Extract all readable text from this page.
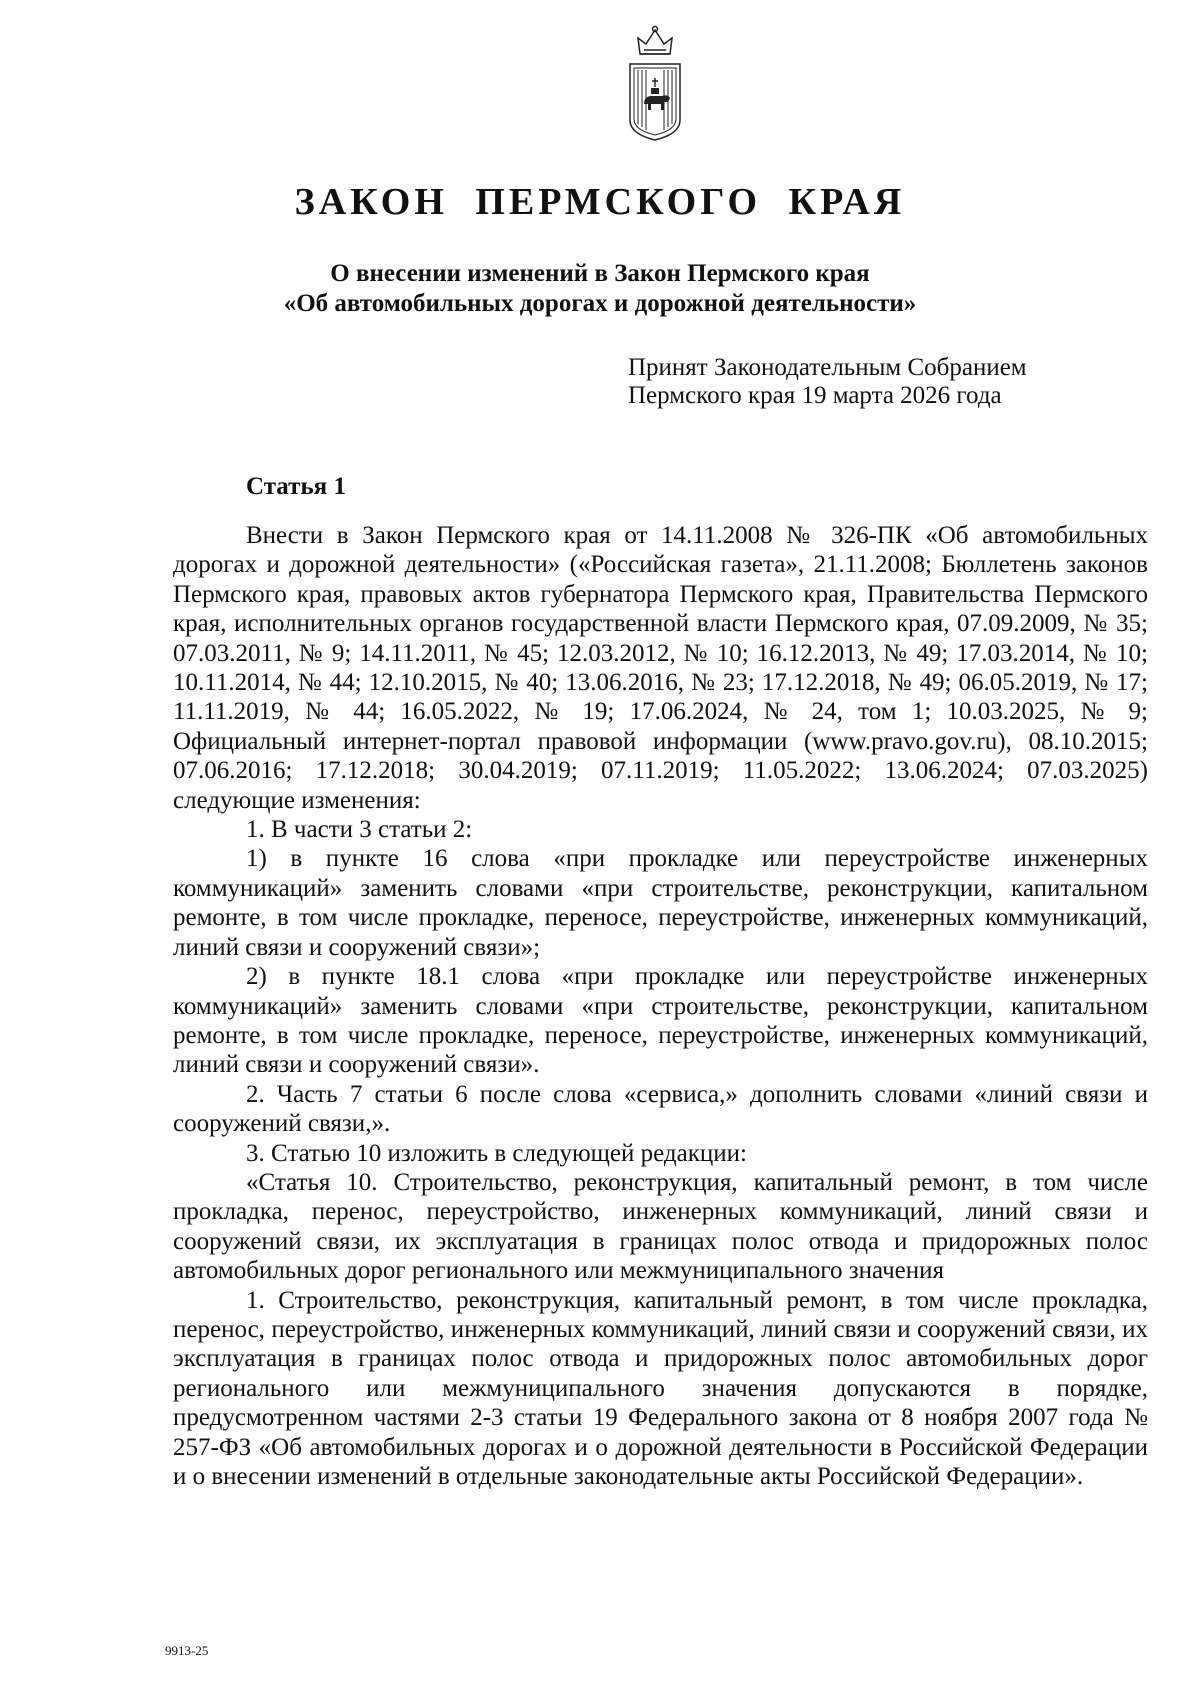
ЗАКОН ПЕРМСКОГО КРАЯ
О внесении изменений в Закон Пермского края
«Об автомобильных дорогах и дорожной деятельности»
Принят Законодательным Собранием
Пермского края 19 марта 2026 года
Статья 1

Внести в Закон Пермского края от 14.11.2008 № 326-ПК «Об автомобильных дорогах и дорожной деятельности» («Российская газета», 21.11.2008; Бюллетень законов Пермского края, правовых актов губернатора Пермского края, Правительства Пермского края, исполнительных органов государственной власти Пермского края, 07.09.2009, № 35; 07.03.2011, № 9; 14.11.2011, № 45; 12.03.2012, № 10; 16.12.2013, № 49; 17.03.2014, № 10; 10.11.2014, № 44; 12.10.2015, № 40; 13.06.2016, № 23; 17.12.2018, № 49; 06.05.2019, № 17; 11.11.2019, № 44; 16.05.2022, № 19; 17.06.2024, № 24, том 1; 10.03.2025, № 9; Официальный интернет-портал правовой информации (www.pravo.gov.ru), 08.10.2015; 07.06.2016; 17.12.2018; 30.04.2019; 07.11.2019; 11.05.2022; 13.06.2024; 07.03.2025) следующие изменения:

1. В части 3 статьи 2:

1) в пункте 16 слова «при прокладке или переустройстве инженерных коммуникаций» заменить словами «при строительстве, реконструкции, капитальном ремонте, в том числе прокладке, переносе, переустройстве, инженерных коммуникаций, линий связи и сооружений связи»;

2) в пункте 18.1 слова «при прокладке или переустройстве инженерных коммуникаций» заменить словами «при строительстве, реконструкции, капитальном ремонте, в том числе прокладке, переносе, переустройстве, инженерных коммуникаций, линий связи и сооружений связи».

2. Часть 7 статьи 6 после слова «сервиса,» дополнить словами «линий связи и сооружений связи,».

3. Статью 10 изложить в следующей редакции:

«Статья 10. Строительство, реконструкция, капитальный ремонт, в том числе прокладка, перенос, переустройство, инженерных коммуникаций, линий связи и сооружений связи, их эксплуатация в границах полос отвода и придорожных полос автомобильных дорог регионального или межмуниципального значения

1. Строительство, реконструкция, капитальный ремонт, в том числе прокладка, перенос, переустройство, инженерных коммуникаций, линий связи и сооружений связи, их эксплуатация в границах полос отвода и придорожных полос автомобильных дорог регионального или межмуниципального значения допускаются в порядке, предусмотренном частями 2-3 статьи 19 Федерального закона от 8 ноября 2007 года № 257-ФЗ «Об автомобильных дорогах и о дорожной деятельности в Российской Федерации и о внесении изменений в отдельные законодательные акты Российской Федерации».

9913-25
